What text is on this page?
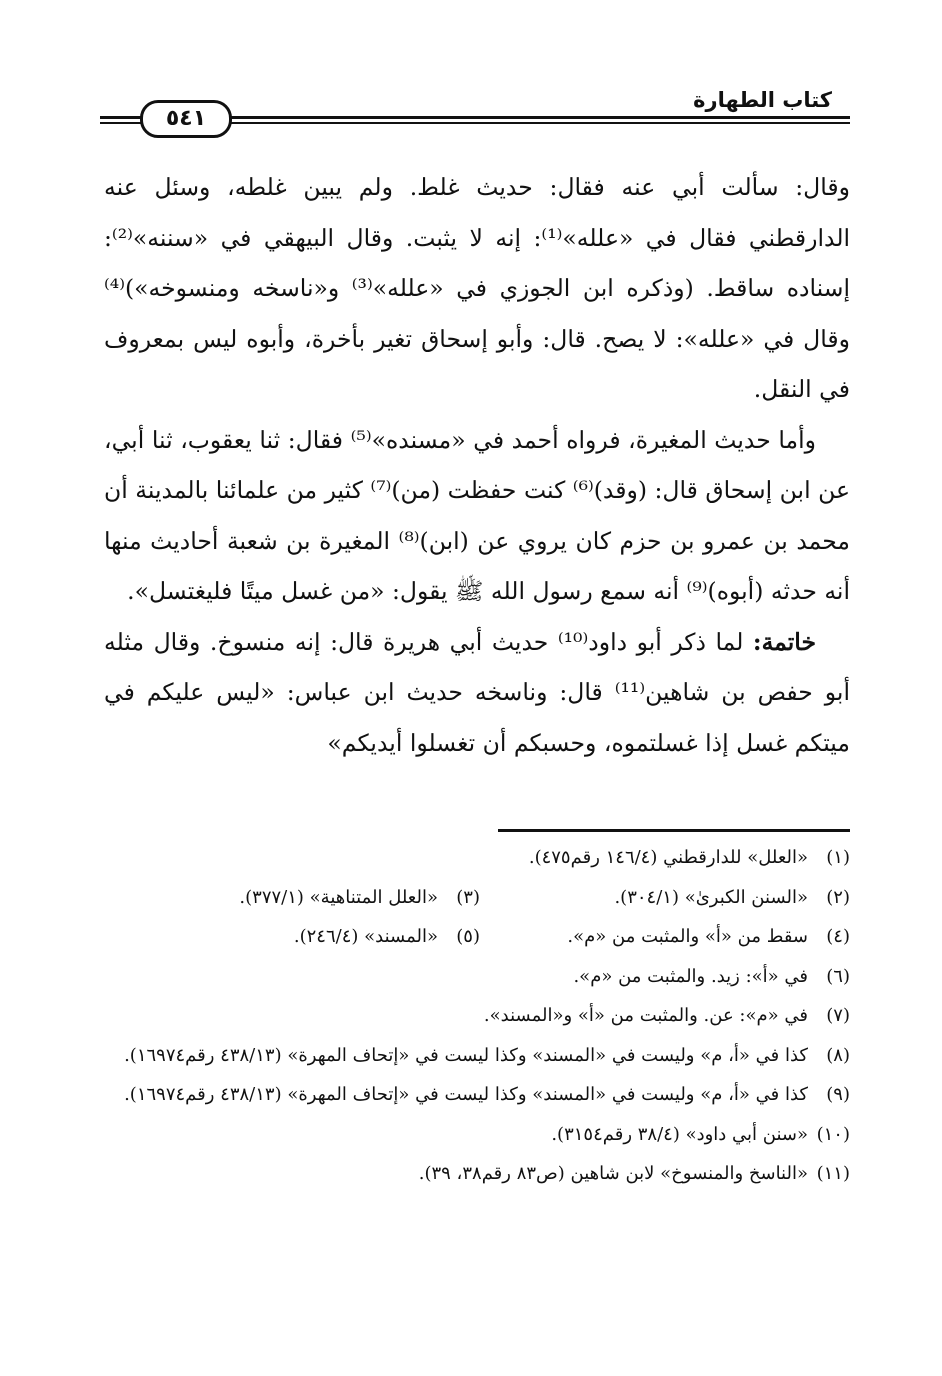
كتاب الطهارة
٥٤١

وقال: سألت أبي عنه فقال: حديث غلط. ولم يبين غلطه، وسئل عنه الدارقطني فقال في «علله»⁽¹⁾: إنه لا يثبت. وقال البيهقي في «سننه»⁽²⁾: إسناده ساقط. (وذكره ابن الجوزي في «علله»⁽³⁾ و«ناسخه ومنسوخه»)⁽⁴⁾ وقال في «علله»: لا يصح. قال: وأبو إسحاق تغير بأخرة، وأبوه ليس بمعروف في النقل.

وأما حديث المغيرة، فرواه أحمد في «مسنده»⁽⁵⁾ فقال: ثنا يعقوب، ثنا أبي، عن ابن إسحاق قال: (وقد)⁽⁶⁾ كنت حفظت (من)⁽⁷⁾ كثير من علمائنا بالمدينة أن محمد بن عمرو بن حزم كان يروي عن (ابن)⁽⁸⁾ المغيرة بن شعبة أحاديث منها أنه حدثه (أبوه)⁽⁹⁾ أنه سمع رسول الله ﷺ يقول: «من غسل ميتًا فليغتسل».

خاتمة: لما ذكر أبو داود⁽¹⁰⁾ حديث أبي هريرة قال: إنه منسوخ. وقال مثله أبو حفص بن شاهين⁽¹¹⁾ قال: وناسخه حديث ابن عباس: «ليس عليكم في ميتكم غسل إذا غسلتموه، وحسبكم أن تغسلوا أيديكم»

(١)
«العلل» للدارقطني (١٤٦/٤ رقم٤٧٥).
(٢)
«السنن الكبرىٰ» (٣٠٤/١).
(٣)
«العلل المتناهية» (٣٧٧/١).
(٤)
سقط من «أ» والمثبت من «م».
(٥)
«المسند» (٢٤٦/٤).
(٦)
في «أ»: زيد. والمثبت من «م».
(٧)
في «م»: عن. والمثبت من «أ» و«المسند».
(٨)
كذا في «أ، م» وليست في «المسند» وكذا ليست في «إتحاف المهرة» (٤٣٨/١٣ رقم١٦٩٧٤).
(٩)
كذا في «أ، م» وليست في «المسند» وكذا ليست في «إتحاف المهرة» (٤٣٨/١٣ رقم١٦٩٧٤).
(١٠)
«سنن أبي داود» (٣٨/٤ رقم٣١٥٤).
(١١)
«الناسخ والمنسوخ» لابن شاهين (ص٨٣ رقم٣٨، ٣٩).
